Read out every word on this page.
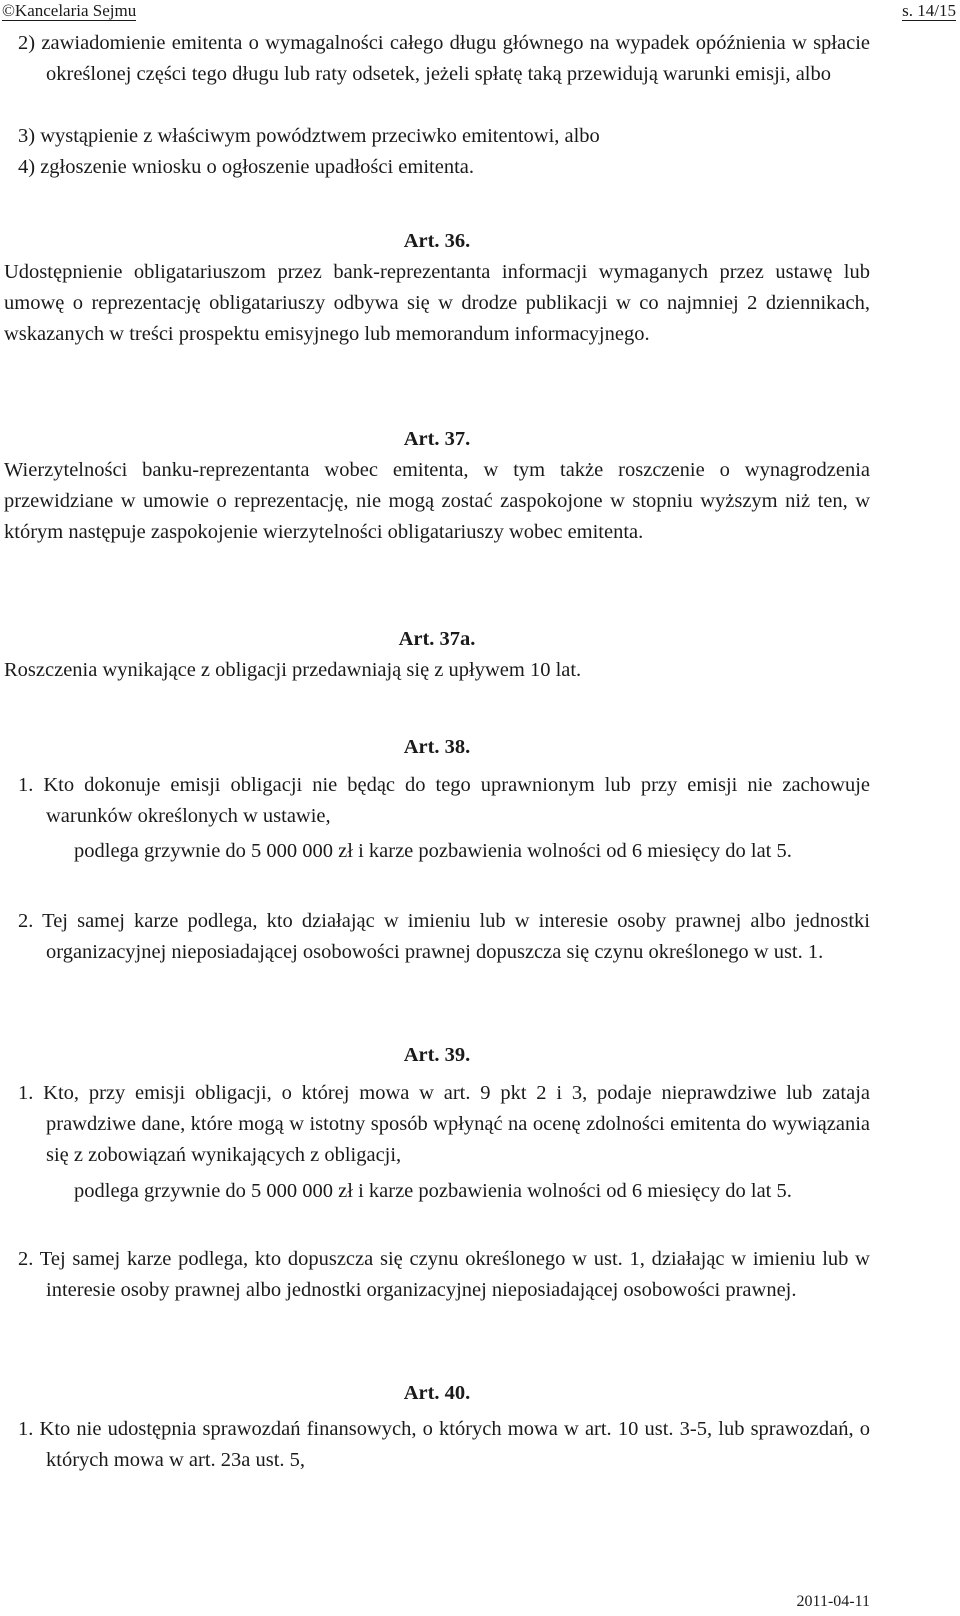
©Kancelaria Sejmu	s. 14/15
2) zawiadomienie emitenta o wymagalności całego długu głównego na wypadek opóźnienia w spłacie określonej części tego długu lub raty odsetek, jeżeli spłatę taką przewidują warunki emisji, albo
3) wystąpienie z właściwym powództwem przeciwko emitentowi, albo
4) zgłoszenie wniosku o ogłoszenie upadłości emitenta.
Art. 36.
Udostępnienie obligatariuszom przez bank-reprezentanta informacji wymaganych przez ustawę lub umowę o reprezentację obligatariuszy odbywa się w drodze publikacji w co najmniej 2 dziennikach, wskazanych w treści prospektu emisyjnego lub memorandum informacyjnego.
Art. 37.
Wierzytelności banku-reprezentanta wobec emitenta, w tym także roszczenie o wynagrodzenia przewidziane w umowie o reprezentację, nie mogą zostać zaspokojone w stopniu wyższym niż ten, w którym następuje zaspokojenie wierzytelności obligatariuszy wobec emitenta.
Art. 37a.
Roszczenia wynikające z obligacji przedawniają się z upływem 10 lat.
Art. 38.
1. Kto dokonuje emisji obligacji nie będąc do tego uprawnionym lub przy emisji nie zachowuje warunków określonych w ustawie,
podlega grzywnie do 5 000 000 zł i karze pozbawienia wolności od 6 miesięcy do lat 5.
2. Tej samej karze podlega, kto działając w imieniu lub w interesie osoby prawnej albo jednostki organizacyjnej nieposiadającej osobowości prawnej dopuszcza się czynu określonego w ust. 1.
Art. 39.
1. Kto, przy emisji obligacji, o której mowa w art. 9 pkt 2 i 3, podaje nieprawdziwe lub zataja prawdziwe dane, które mogą w istotny sposób wpłynąć na ocenę zdolności emitenta do wywiązania się z zobowiązań wynikających z obligacji,
podlega grzywnie do 5 000 000 zł i karze pozbawienia wolności od 6 miesięcy do lat 5.
2. Tej samej karze podlega, kto dopuszcza się czynu określonego w ust. 1, działając w imieniu lub w interesie osoby prawnej albo jednostki organizacyjnej nieposiadającej osobowości prawnej.
Art. 40.
1. Kto nie udostępnia sprawozdań finansowych, o których mowa w art. 10 ust. 3-5, lub sprawozdań, o których mowa w art. 23a ust. 5,
2011-04-11
